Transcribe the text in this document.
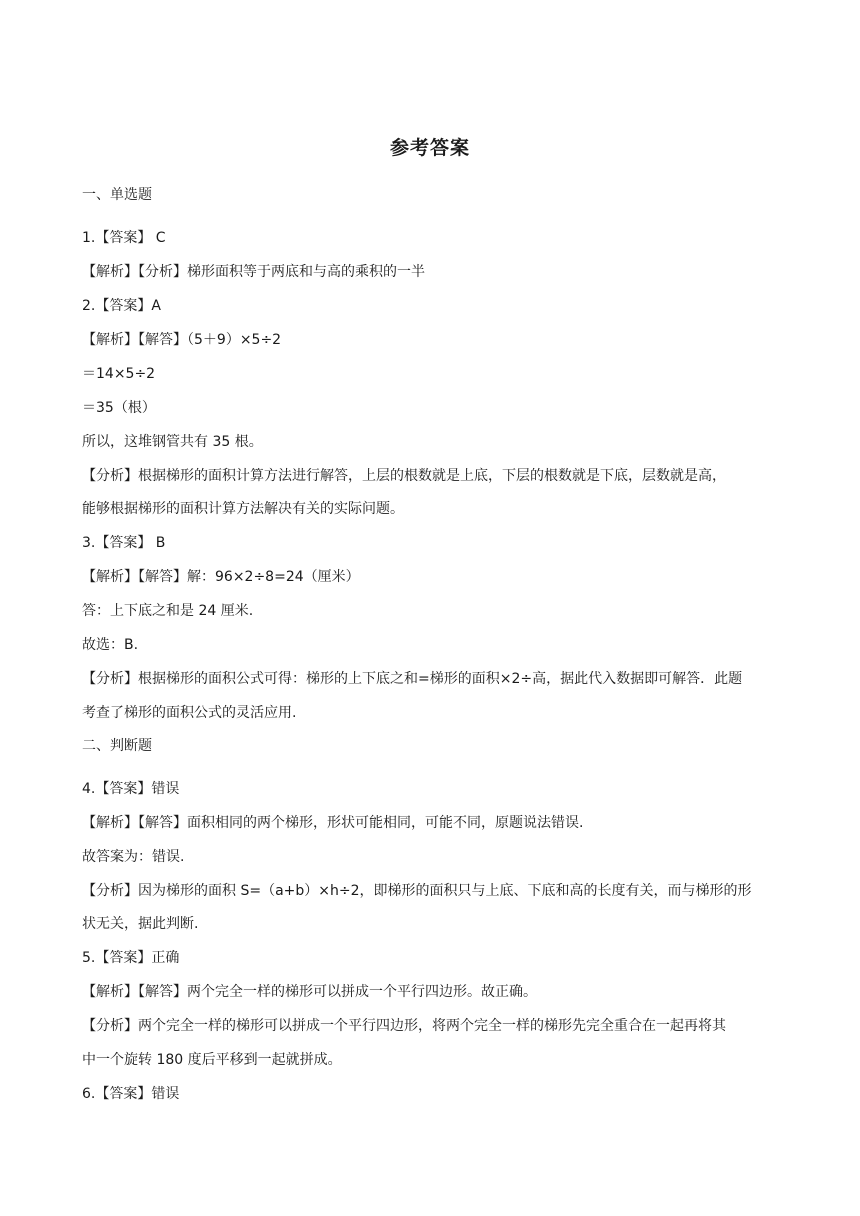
参考答案
一、单选题
1.【答案】 C
【解析】【分析】梯形面积等于两底和与高的乘积的一半
2.【答案】A
【解析】【解答】（5＋9）×5÷2
＝14×5÷2
＝35（根）
所以，这堆钢管共有 35 根。
【分析】根据梯形的面积计算方法进行解答，上层的根数就是上底，下层的根数就是下底，层数就是高，
能够根据梯形的面积计算方法解决有关的实际问题。
3.【答案】 B
【解析】【解答】解：96×2÷8=24（厘米）
答：上下底之和是 24 厘米.
故选：B.
【分析】根据梯形的面积公式可得：梯形的上下底之和=梯形的面积×2÷高，据此代入数据即可解答．此题
考查了梯形的面积公式的灵活应用.
二、判断题
4.【答案】错误
【解析】【解答】面积相同的两个梯形，形状可能相同，可能不同，原题说法错误.
故答案为：错误.
【分析】因为梯形的面积 S=（a+b）×h÷2，即梯形的面积只与上底、下底和高的长度有关，而与梯形的形
状无关，据此判断.
5.【答案】正确
【解析】【解答】两个完全一样的梯形可以拼成一个平行四边形。故正确。
【分析】两个完全一样的梯形可以拼成一个平行四边形，将两个完全一样的梯形先完全重合在一起再将其
中一个旋转 180 度后平移到一起就拼成。
6.【答案】错误
